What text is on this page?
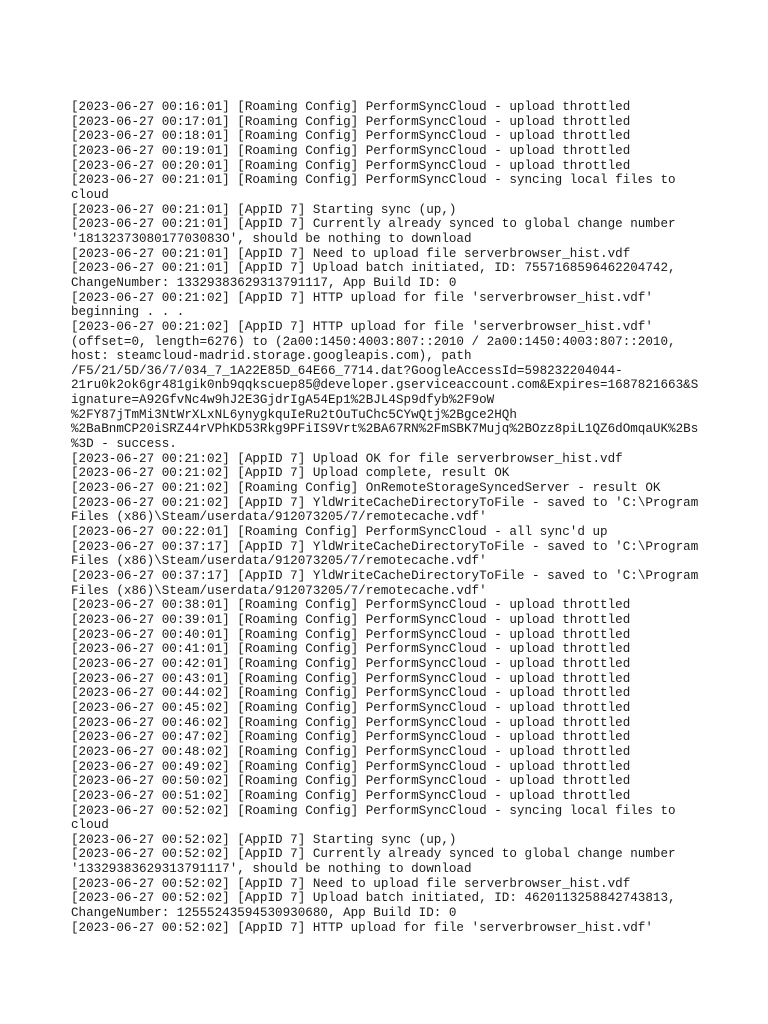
[2023-06-27 00:16:01] [Roaming Config] PerformSyncCloud - upload throttled
[2023-06-27 00:17:01] [Roaming Config] PerformSyncCloud - upload throttled
[2023-06-27 00:18:01] [Roaming Config] PerformSyncCloud - upload throttled
[2023-06-27 00:19:01] [Roaming Config] PerformSyncCloud - upload throttled
[2023-06-27 00:20:01] [Roaming Config] PerformSyncCloud - upload throttled
[2023-06-27 00:21:01] [Roaming Config] PerformSyncCloud - syncing local files to
cloud
[2023-06-27 00:21:01] [AppID 7] Starting sync (up,)
[2023-06-27 00:21:01] [AppID 7] Currently already synced to global change number
'1813237308017703083O', should be nothing to download
[2023-06-27 00:21:01] [AppID 7] Need to upload file serverbrowser_hist.vdf
[2023-06-27 00:21:01] [AppID 7] Upload batch initiated, ID: 7557168596462204742,
ChangeNumber: 13329383629313791117, App Build ID: 0
[2023-06-27 00:21:02] [AppID 7] HTTP upload for file 'serverbrowser_hist.vdf'
beginning . . .
[2023-06-27 00:21:02] [AppID 7] HTTP upload for file 'serverbrowser_hist.vdf'
(offset=0, length=6276) to (2a00:1450:4003:807::2010 / 2a00:1450:4003:807::2010,
host: steamcloud-madrid.storage.googleapis.com), path
/F5/21/5D/36/7/034_7_1A22E85D_64E66_7714.dat?GoogleAccessId=598232204044-
21ru0k2ok6gr481gik0nb9qqkscuep85@developer.gserviceaccount.com&Expires=1687821663&S
ignature=A92GfvNc4w9hJ2E3GjdrIgA54Ep1%2BJL4Sp9dfyb%2F9oW
%2FY87jTmMi3NtWrXLxNL6ynygkquIeRu2tOuTuChc5CYwQtj%2Bgce2HQh
%2BaBnmCP20iSRZ44rVPhKD53Rkg9PFiIS9Vrt%2BA67RN%2FmSBK7Mujq%2BOzz8piL1QZ6dOmqaUK%2Bs
%3D - success.
[2023-06-27 00:21:02] [AppID 7] Upload OK for file serverbrowser_hist.vdf
[2023-06-27 00:21:02] [AppID 7] Upload complete, result OK
[2023-06-27 00:21:02] [Roaming Config] OnRemoteStorageSyncedServer - result OK
[2023-06-27 00:21:02] [AppID 7] YldWriteCacheDirectoryToFile - saved to 'C:\Program
Files (x86)\Steam/userdata/912073205/7/remotecache.vdf'
[2023-06-27 00:22:01] [Roaming Config] PerformSyncCloud - all sync'd up
[2023-06-27 00:37:17] [AppID 7] YldWriteCacheDirectoryToFile - saved to 'C:\Program
Files (x86)\Steam/userdata/912073205/7/remotecache.vdf'
[2023-06-27 00:37:17] [AppID 7] YldWriteCacheDirectoryToFile - saved to 'C:\Program
Files (x86)\Steam/userdata/912073205/7/remotecache.vdf'
[2023-06-27 00:38:01] [Roaming Config] PerformSyncCloud - upload throttled
[2023-06-27 00:39:01] [Roaming Config] PerformSyncCloud - upload throttled
[2023-06-27 00:40:01] [Roaming Config] PerformSyncCloud - upload throttled
[2023-06-27 00:41:01] [Roaming Config] PerformSyncCloud - upload throttled
[2023-06-27 00:42:01] [Roaming Config] PerformSyncCloud - upload throttled
[2023-06-27 00:43:01] [Roaming Config] PerformSyncCloud - upload throttled
[2023-06-27 00:44:02] [Roaming Config] PerformSyncCloud - upload throttled
[2023-06-27 00:45:02] [Roaming Config] PerformSyncCloud - upload throttled
[2023-06-27 00:46:02] [Roaming Config] PerformSyncCloud - upload throttled
[2023-06-27 00:47:02] [Roaming Config] PerformSyncCloud - upload throttled
[2023-06-27 00:48:02] [Roaming Config] PerformSyncCloud - upload throttled
[2023-06-27 00:49:02] [Roaming Config] PerformSyncCloud - upload throttled
[2023-06-27 00:50:02] [Roaming Config] PerformSyncCloud - upload throttled
[2023-06-27 00:51:02] [Roaming Config] PerformSyncCloud - upload throttled
[2023-06-27 00:52:02] [Roaming Config] PerformSyncCloud - syncing local files to
cloud
[2023-06-27 00:52:02] [AppID 7] Starting sync (up,)
[2023-06-27 00:52:02] [AppID 7] Currently already synced to global change number
'13329383629313791117', should be nothing to download
[2023-06-27 00:52:02] [AppID 7] Need to upload file serverbrowser_hist.vdf
[2023-06-27 00:52:02] [AppID 7] Upload batch initiated, ID: 4620113258842743813,
ChangeNumber: 12555243594530930680, App Build ID: 0
[2023-06-27 00:52:02] [AppID 7] HTTP upload for file 'serverbrowser_hist.vdf'
